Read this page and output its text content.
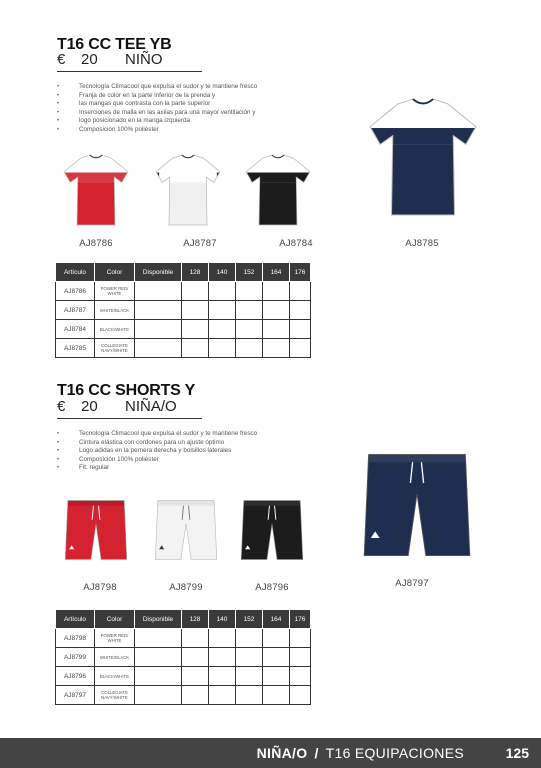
T16 CC TEE YB
€ 20 NIÑO
• Tecnología Climacool que expulsa el sudor y te mantiene fresco
• Franja de color en la parte inferior de la prenda y
• las mangas que contrasta con la parte superior
• Inserciones de malla en las axilas para una mayor ventilación y
• logo posicionado en la manga izquierda
• Composición 100% poliéster
AJ8786	AJ8787	AJ8784	AJ8785
Artículo	Color	Disponible	128	140	152	164	176
AJ8786	POWER RED/ WHITE						
AJ8787	WHITE/BLACK						
AJ8784	BLACK/WHITE						
AJ8785	COLLEGIATE NAVY/WHITE						
T16 CC SHORTS Y
€ 20 NIÑA/O
• Tecnología Climacool que expulsa el sudor y te mantiene fresco
• Cintura elástica con cordones para un ajuste óptimo
• Logo adidas en la pernera derecha y bolsillos laterales
• Composición 100% poliéster
• Fit: regular
AJ8798	AJ8799	AJ8796	AJ8797
Artículo	Color	Disponible	128	140	152	164	176
AJ8798	POWER RED/ WHITE						
AJ8799	WHITE/BLACK						
AJ8796	BLACK/WHITE						
AJ8797	COLLEGIATE NAVY/WHITE						
NIÑA/O / T16 EQUIPACIONES	125
